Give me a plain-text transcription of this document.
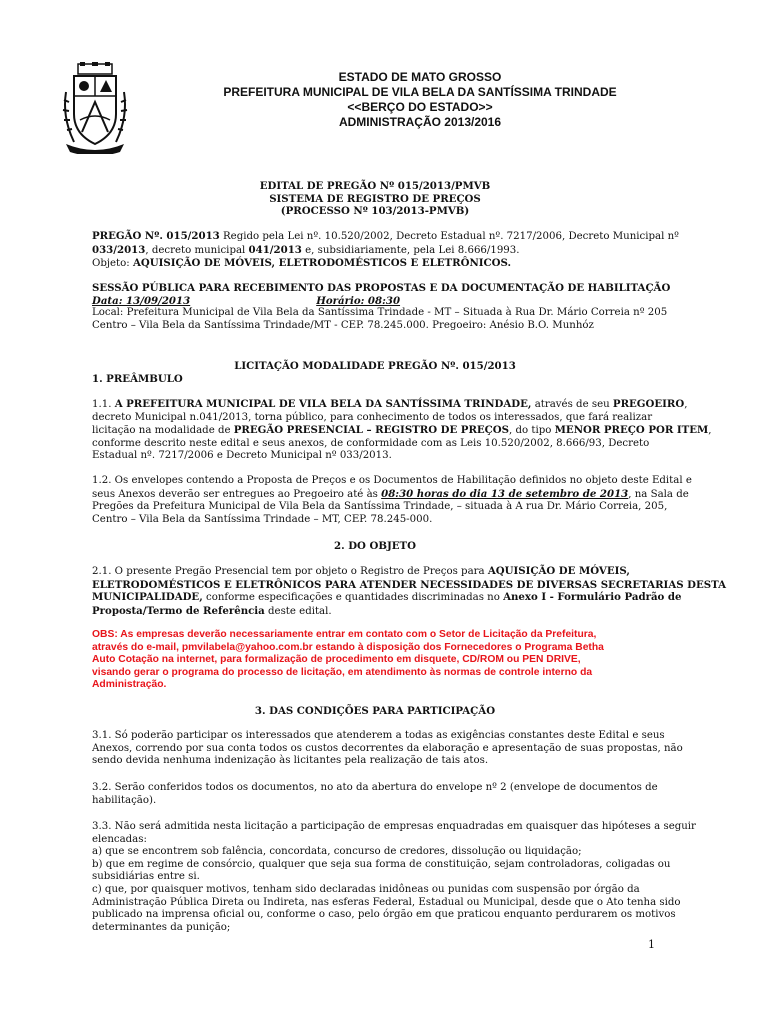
ESTADO DE MATO GROSSO
PREFEITURA MUNICIPAL DE VILA BELA DA SANTÍSSIMA TRINDADE
<<BERÇO DO ESTADO>>
ADMINISTRAÇÃO 2013/2016
EDITAL DE PREGÃO Nº 015/2013/PMVB
SISTEMA DE REGISTRO DE PREÇOS
(PROCESSO Nº 103/2013-PMVB)
PREGÃO Nº. 015/2013 Regido pela Lei nº. 10.520/2002, Decreto Estadual nº. 7217/2006, Decreto Municipal nº
033/2013, decreto municipal 041/2013 e, subsidiariamente, pela Lei 8.666/1993.
Objeto: AQUISIÇÃO DE MÓVEIS, ELETRODOMÉSTICOS E ELETRÔNICOS.
SESSÃO PÚBLICA PARA RECEBIMENTO DAS PROPOSTAS E DA DOCUMENTAÇÃO DE HABILITAÇÃO
Data: 13/09/2013	Horário: 08:30
Local: Prefeitura Municipal de Vila Bela da Santíssima Trindade - MT – Situada à Rua Dr. Mário Correia nº 205
Centro – Vila Bela da Santíssima Trindade/MT - CEP. 78.245.000. Pregoeiro: Anésio B.O. Munhóz
LICITAÇÃO MODALIDADE PREGÃO Nº. 015/2013
1. PREÂMBULO
1.1. A PREFEITURA MUNICIPAL DE VILA BELA DA SANTÍSSIMA TRINDADE, através de seu PREGOEIRO,
decreto Municipal n.041/2013, torna público, para conhecimento de todos os interessados, que fará realizar
licitação na modalidade de PREGÃO PRESENCIAL – REGISTRO DE PREÇOS, do tipo MENOR PREÇO POR ITEM,
conforme descrito neste edital e seus anexos, de conformidade com as Leis 10.520/2002, 8.666/93, Decreto
Estadual nº. 7217/2006 e Decreto Municipal nº 033/2013.
1.2. Os envelopes contendo a Proposta de Preços e os Documentos de Habilitação definidos no objeto deste Edital e
seus Anexos deverão ser entregues ao Pregoeiro até às 08:30 horas do dia 13 de setembro de 2013, na Sala de
Pregões da Prefeitura Municipal de Vila Bela da Santíssima Trindade, – situada à A rua Dr. Mário Correia, 205,
Centro – Vila Bela da Santíssima Trindade – MT, CEP. 78.245-000.
2. DO OBJETO
2.1. O presente Pregão Presencial tem por objeto o Registro de Preços para AQUISIÇÃO DE MÓVEIS,
ELETRODOMÉSTICOS E ELETRÔNICOS PARA ATENDER NECESSIDADES DE DIVERSAS SECRETARIAS DESTA
MUNICIPALIDADE, conforme especificações e quantidades discriminadas no Anexo I - Formulário Padrão de
Proposta/Termo de Referência deste edital.
OBS: As empresas deverão necessariamente entrar em contato com o Setor de Licitação da Prefeitura,
através do e-mail, pmvilabela@yahoo.com.br estando à disposição dos Fornecedores o Programa Betha
Auto Cotação na internet, para formalização de procedimento em disquete, CD/ROM ou PEN DRIVE,
visando gerar o programa do processo de licitação, em atendimento às normas de controle interno da
Administração.
3. DAS CONDIÇÕES PARA PARTICIPAÇÃO
3.1. Só poderão participar os interessados que atenderem a todas as exigências constantes deste Edital e seus
Anexos, correndo por sua conta todos os custos decorrentes da elaboração e apresentação de suas propostas, não
sendo devida nenhuma indenização às licitantes pela realização de tais atos.
3.2. Serão conferidos todos os documentos, no ato da abertura do envelope nº 2 (envelope de documentos de
habilitação).
3.3. Não será admitida nesta licitação a participação de empresas enquadradas em quaisquer das hipóteses a seguir
elencadas:
a) que se encontrem sob falência, concordata, concurso de credores, dissolução ou liquidação;
b) que em regime de consórcio, qualquer que seja sua forma de constituição, sejam controladoras, coligadas ou
subsidiárias entre si.
c) que, por quaisquer motivos, tenham sido declaradas inidôneas ou punidas com suspensão por órgão da
Administração Pública Direta ou Indireta, nas esferas Federal, Estadual ou Municipal, desde que o Ato tenha sido
publicado na imprensa oficial ou, conforme o caso, pelo órgão em que praticou enquanto perdurarem os motivos
determinantes da punição;
1
